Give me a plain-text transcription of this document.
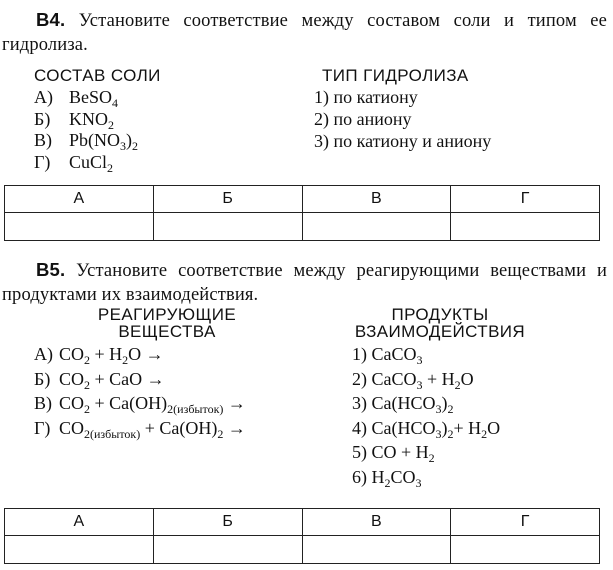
В4. Установите соответствие между составом соли и типом ее гидролиза.
СОСТАВ СОЛИ	ТИП ГИДРОЛИЗА
А) BeSO$_4$
Б) $KNO_2$
В) $Pb(NO_3)_2$
Г) CuCl$_2$
1) по катиону
2) по аниону
3) по катиону и аниону
А	Б	В	Г

В5. Установите соответствие между реагирующими веществами и продуктами их взаимодействия.
РЕАГИРУЮЩИЕ
ВЕЩЕСТВА
ПРОДУКТЫ
ВЗАИМОДЕЙСТВИЯ
А) $CO_2 + H_2O$ →
Б) $CO_2$ + CaO →
В) $CO_2 + Ca(OH)_{2(избыток)}$ →
Г) $CO_{2(избыток)} + Ca(OH)_2$ →
1) CaCO$_3$
2) CaCO$_3$ + $H_2O$
3) $Ca(HCO_3)_2$
4) $Ca(HCO_3)_2+ H_2O$
5) CO + $H_2$
6) $H_2CO_3$
А	Б	В	Г
